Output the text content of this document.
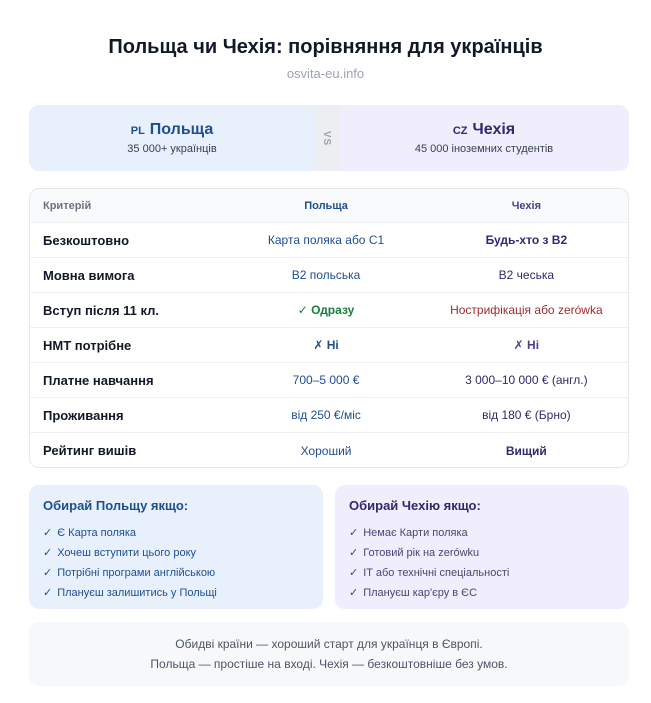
Польща чи Чехія: порівняння для українців
osvita-eu.info
PL Польща
35 000+ українців
VS	CZ Чехія
45 000 іноземних студентів
Критерій	Польща	Чехія
Безкоштовно	Карта поляка або C1	Будь-хто з B2
Мовна вимога	B2 польська	B2 чеська
Вступ після 11 кл.	✓ Одразу	Нострифікація або zerówka
НМТ потрібне	✗ Ні	✗ Ні
Платне навчання	700–5 000 €	3 000–10 000 € (англ.)
Проживання	від 250 €/міс	від 180 € (Брно)
Рейтинг вишів	Хороший	Вищий
Обирай Польщу якщо:
✓ Є Карта поляка
✓ Хочеш вступити цього року
✓ Потрібні програми англійською
✓ Плануєш залишитись у Польщі
Обирай Чехію якщо:
✓ Немає Карти поляка
✓ Готовий рік на zerówku
✓ IT або технічні спеціальності
✓ Плануєш кар'єру в ЄС
Обидві країни — хороший старт для українця в Європі.
Польща — простіше на вході. Чехія — безкоштовніше без умов.
